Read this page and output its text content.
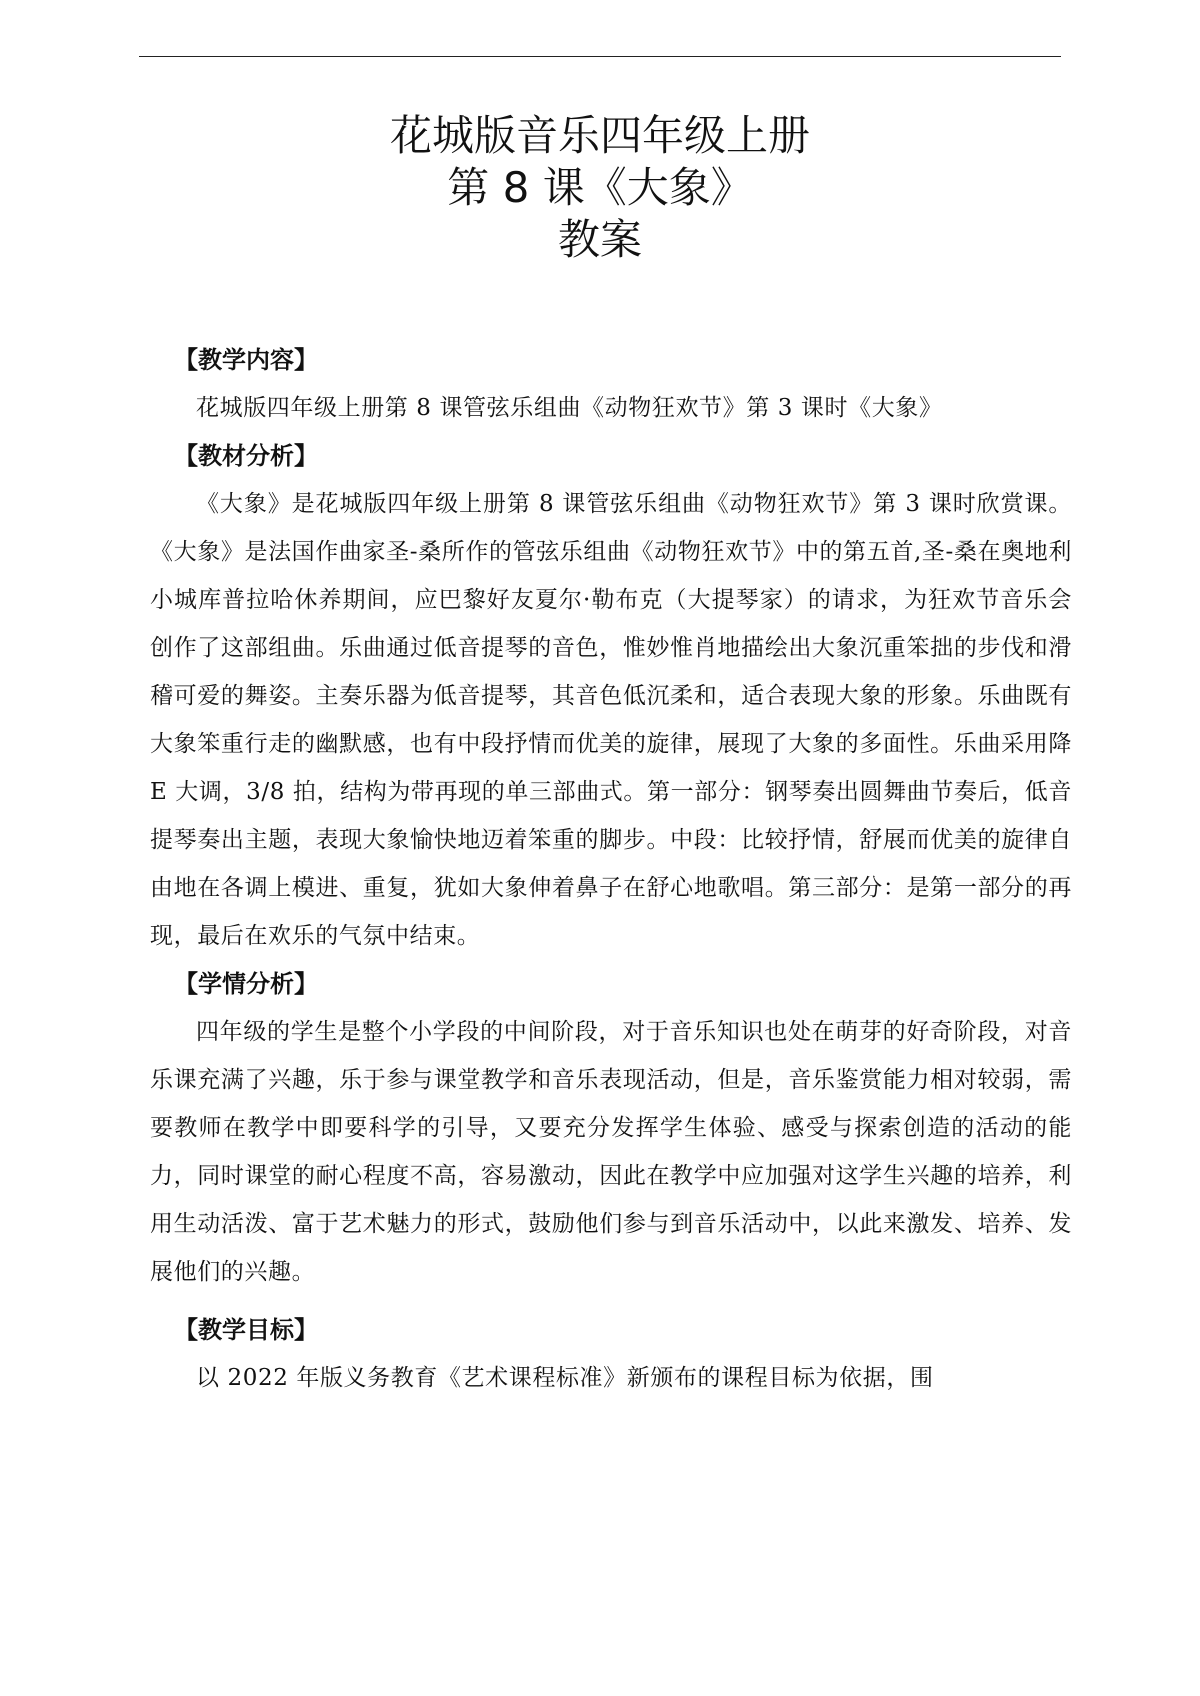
花城版音乐四年级上册
第 8 课《大象》
教案

【教学内容】

花城版四年级上册第 8 课管弦乐组曲《动物狂欢节》第 3 课时《大象》

【教材分析】

《大象》是花城版四年级上册第 8 课管弦乐组曲《动物狂欢节》第 3 课时欣赏课。《大象》是法国作曲家圣-桑所作的管弦乐组曲《动物狂欢节》中的第五首,圣-桑在奥地利小城库普拉哈休养期间，应巴黎好友夏尔·勒布克（大提琴家）的请求，为狂欢节音乐会创作了这部组曲。乐曲通过低音提琴的音色，惟妙惟肖地描绘出大象沉重笨拙的步伐和滑稽可爱的舞姿。主奏乐器为低音提琴，其音色低沉柔和，适合表现大象的形象。乐曲既有大象笨重行走的幽默感，也有中段抒情而优美的旋律，展现了大象的多面性。乐曲采用降 E 大调，3/8 拍，结构为带再现的单三部曲式。第一部分：钢琴奏出圆舞曲节奏后，低音提琴奏出主题，表现大象愉快地迈着笨重的脚步。中段：比较抒情，舒展而优美的旋律自由地在各调上模进、重复，犹如大象伸着鼻子在舒心地歌唱。第三部分：是第一部分的再现，最后在欢乐的气氛中结束。

【学情分析】

四年级的学生是整个小学段的中间阶段，对于音乐知识也处在萌芽的好奇阶段，对音乐课充满了兴趣，乐于参与课堂教学和音乐表现活动，但是，音乐鉴赏能力相对较弱，需要教师在教学中即要科学的引导，又要充分发挥学生体验、感受与探索创造的活动的能力，同时课堂的耐心程度不高，容易激动，因此在教学中应加强对这学生兴趣的培养，利用生动活泼、富于艺术魅力的形式，鼓励他们参与到音乐活动中，以此来激发、培养、发展他们的兴趣。

【教学目标】

以 2022 年版义务教育《艺术课程标准》新颁布的课程目标为依据，围
